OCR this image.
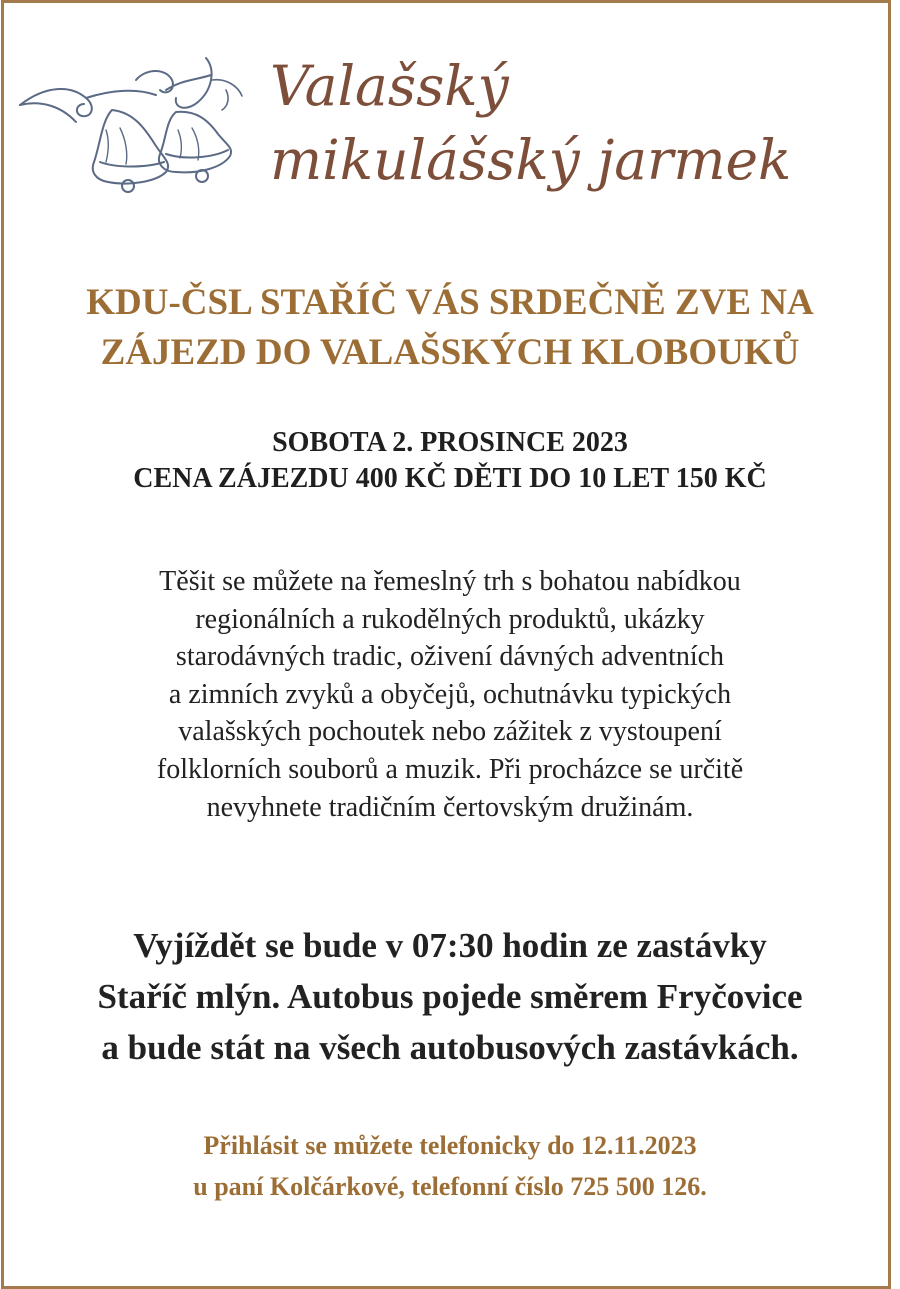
Valašský
mikulášský jarmek
KDU-ČSL STAŘÍČ VÁS SRDEČNĚ ZVE NA
ZÁJEZD DO VALAŠSKÝCH KLOBOUKŮ
SOBOTA 2. PROSINCE 2023
CENA ZÁJEZDU 400 KČ DĚTI DO 10 LET 150 KČ
Těšit se můžete na řemeslný trh s bohatou nabídkou
regionálních a rukodělných produktů, ukázky
starodávných tradic, oživení dávných adventních
a zimních zvyků a obyčejů, ochutnávku typických
valašských pochoutek nebo zážitek z vystoupení
folklorních souborů a muzik. Při procházce se určitě
nevyhnete tradičním čertovským družinám.
Vyjíždět se bude v 07:30 hodin ze zastávky
Staříč mlýn. Autobus pojede směrem Fryčovice
a bude stát na všech autobusových zastávkách.
Přihlásit se můžete telefonicky do 12.11.2023
u paní Kolčárkové, telefonní číslo 725 500 126.
